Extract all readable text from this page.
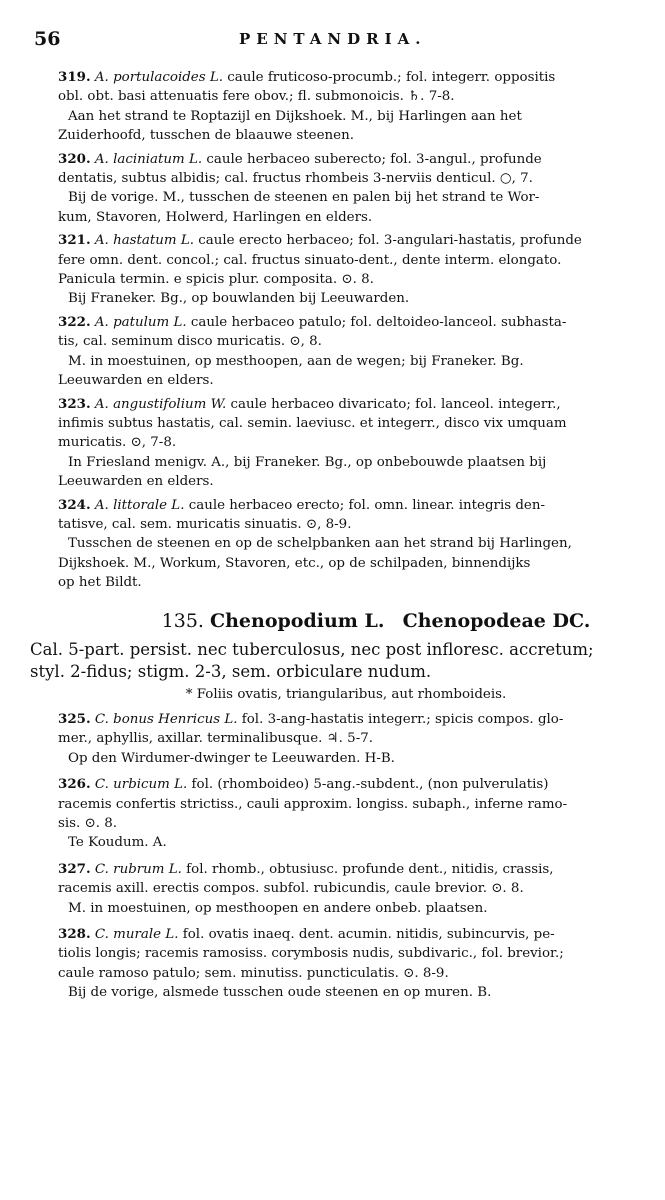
56	PENTANDRIA.

319. A. portulacoides L. caule fruticoso-procumb.; fol. integerr. oppositis

obl. obt. basi attenuatis fere obov.; fl. submonoicis. ♄. 7-8.

Aan het strand te Roptazijl en Dijkshoek. M., bij Harlingen aan het

Zuiderhoofd, tusschen de blaauwe steenen.

320. A. laciniatum L. caule herbaceo suberecto; fol. 3-angul., profunde

dentatis, subtus albidis; cal. fructus rhombeis 3-nerviis denticul. ○, 7.

Bij de vorige. M., tusschen de steenen en palen bij het strand te Wor-

kum, Stavoren, Holwerd, Harlingen en elders.

321. A. hastatum L. caule erecto herbaceo; fol. 3-angulari-hastatis, profunde

fere omn. dent. concol.; cal. fructus sinuato-dent., dente interm. elongato.

Panicula termin. e spicis plur. composita. ⊙. 8.

Bij Franeker. Bg., op bouwlanden bij Leeuwarden.

322. A. patulum L. caule herbaceo patulo; fol. deltoideo-lanceol. subhasta-

tis, cal. seminum disco muricatis. ⊙, 8.

M. in moestuinen, op mesthoopen, aan de wegen; bij Franeker. Bg.

Leeuwarden en elders.

323. A. angustifolium W. caule herbaceo divaricato; fol. lanceol. integerr.,

infimis subtus hastatis, cal. semin. laeviusc. et integerr., disco vix umquam

muricatis. ⊙, 7-8.

In Friesland menigv. A., bij Franeker. Bg., op onbebouwde plaatsen bij

Leeuwarden en elders.

324. A. littorale L. caule herbaceo erecto; fol. omn. linear. integris den-

tatisve, cal. sem. muricatis sinuatis. ⊙, 8-9.

Tusschen de steenen en op de schelpbanken aan het strand bij Harlingen,

Dijkshoek. M., Workum, Stavoren, etc., op de schilpaden, binnendijks

op het Bildt.

135. Chenopodium L. Chenopodeae DC.
Cal. 5-part. persist. nec tuberculosus, nec post infloresc. accretum;
styl. 2-fidus; stigm. 2-3, sem. orbiculare nudum.
* Foliis ovatis, triangularibus, aut rhomboideis.

325. C. bonus Henricus L. fol. 3-ang-hastatis integerr.; spicis compos. glo-

mer., aphyllis, axillar. terminalibusque. ♃. 5-7.

Op den Wirdumer-dwinger te Leeuwarden. H-B.

326. C. urbicum L. fol. (rhomboideo) 5-ang.-subdent., (non pulverulatis)

racemis confertis strictiss., cauli approxim. longiss. subaph., inferne ramo-

sis. ⊙. 8.

Te Koudum. A.

327. C. rubrum L. fol. rhomb., obtusiusc. profunde dent., nitidis, crassis,

racemis axill. erectis compos. subfol. rubicundis, caule brevior. ⊙. 8.

M. in moestuinen, op mesthoopen en andere onbeb. plaatsen.

328. C. murale L. fol. ovatis inaeq. dent. acumin. nitidis, subincurvis, pe-

tiolis longis; racemis ramosiss. corymbosis nudis, subdivaric., fol. brevior.;

caule ramoso patulo; sem. minutiss. puncticulatis. ⊙. 8-9.

Bij de vorige, alsmede tusschen oude steenen en op muren. B.
